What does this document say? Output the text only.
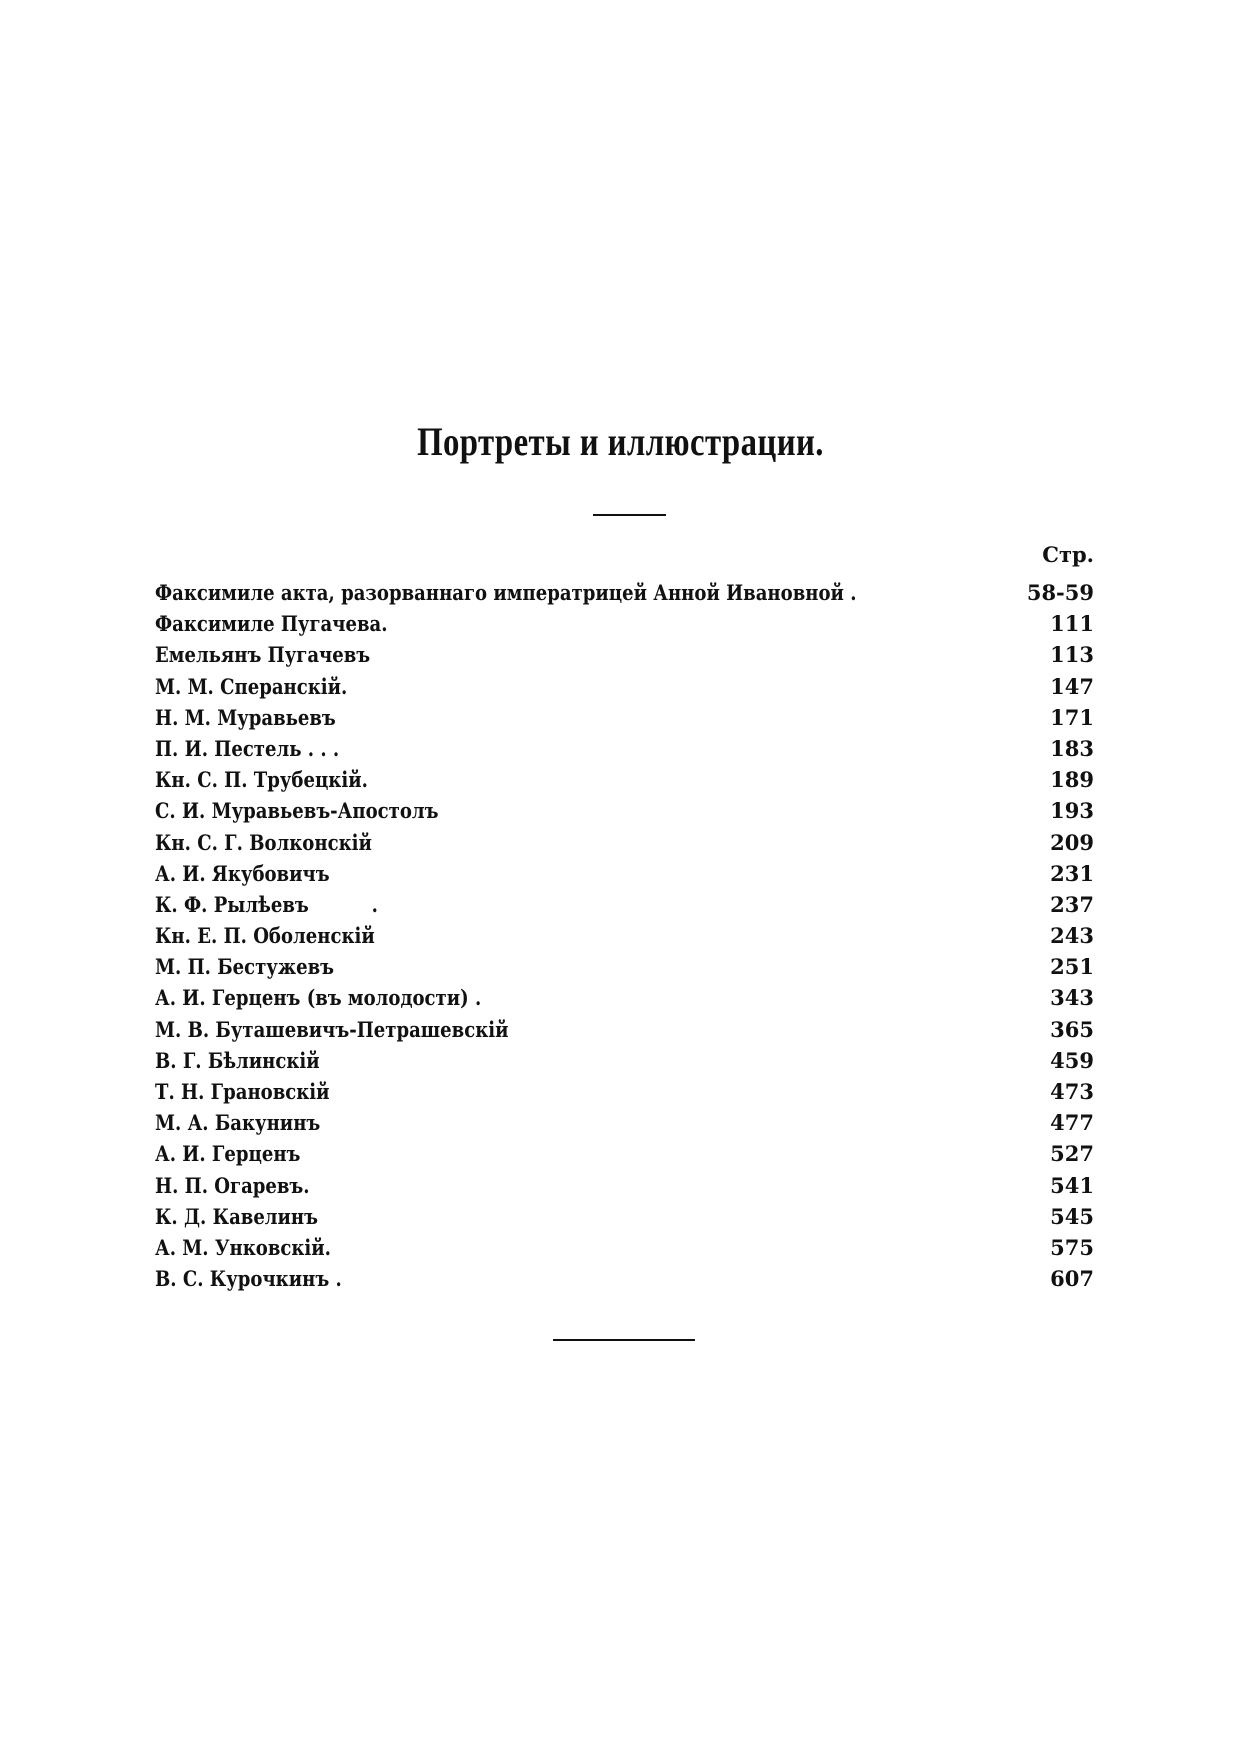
Портреты и иллюстрации.
Стр.
Факсимиле акта, разорваннаго императрицей Анной Ивановной .	58-59
Факсимиле Пугачева.	111
Емельянъ Пугачевъ	113
М. М. Сперанскій.	147
Н. М. Муравьевъ	171
П. И. Пестель . . .	183
Кн. С. П. Трубецкій.	189
С. И. Муравьевъ-Апостолъ	193
Кн. С. Г. Волконскій	209
А. И. Якубовичъ	231
К. Ф. Рылѣевъ          .	237
Кн. Е. П. Оболенскій	243
М. П. Бестужевъ	251
А. И. Герценъ (въ молодости) .	343
М. В. Буташевичъ-Петрашевскій	365
В. Г. Бѣлинскій	459
Т. Н. Грановскій	473
М. А. Бакунинъ	477
А. И. Герценъ	527
Н. П. Огаревъ.	541
К. Д. Кавелинъ	545
А. М. Унковскій.	575
В. С. Курочкинъ .	607
